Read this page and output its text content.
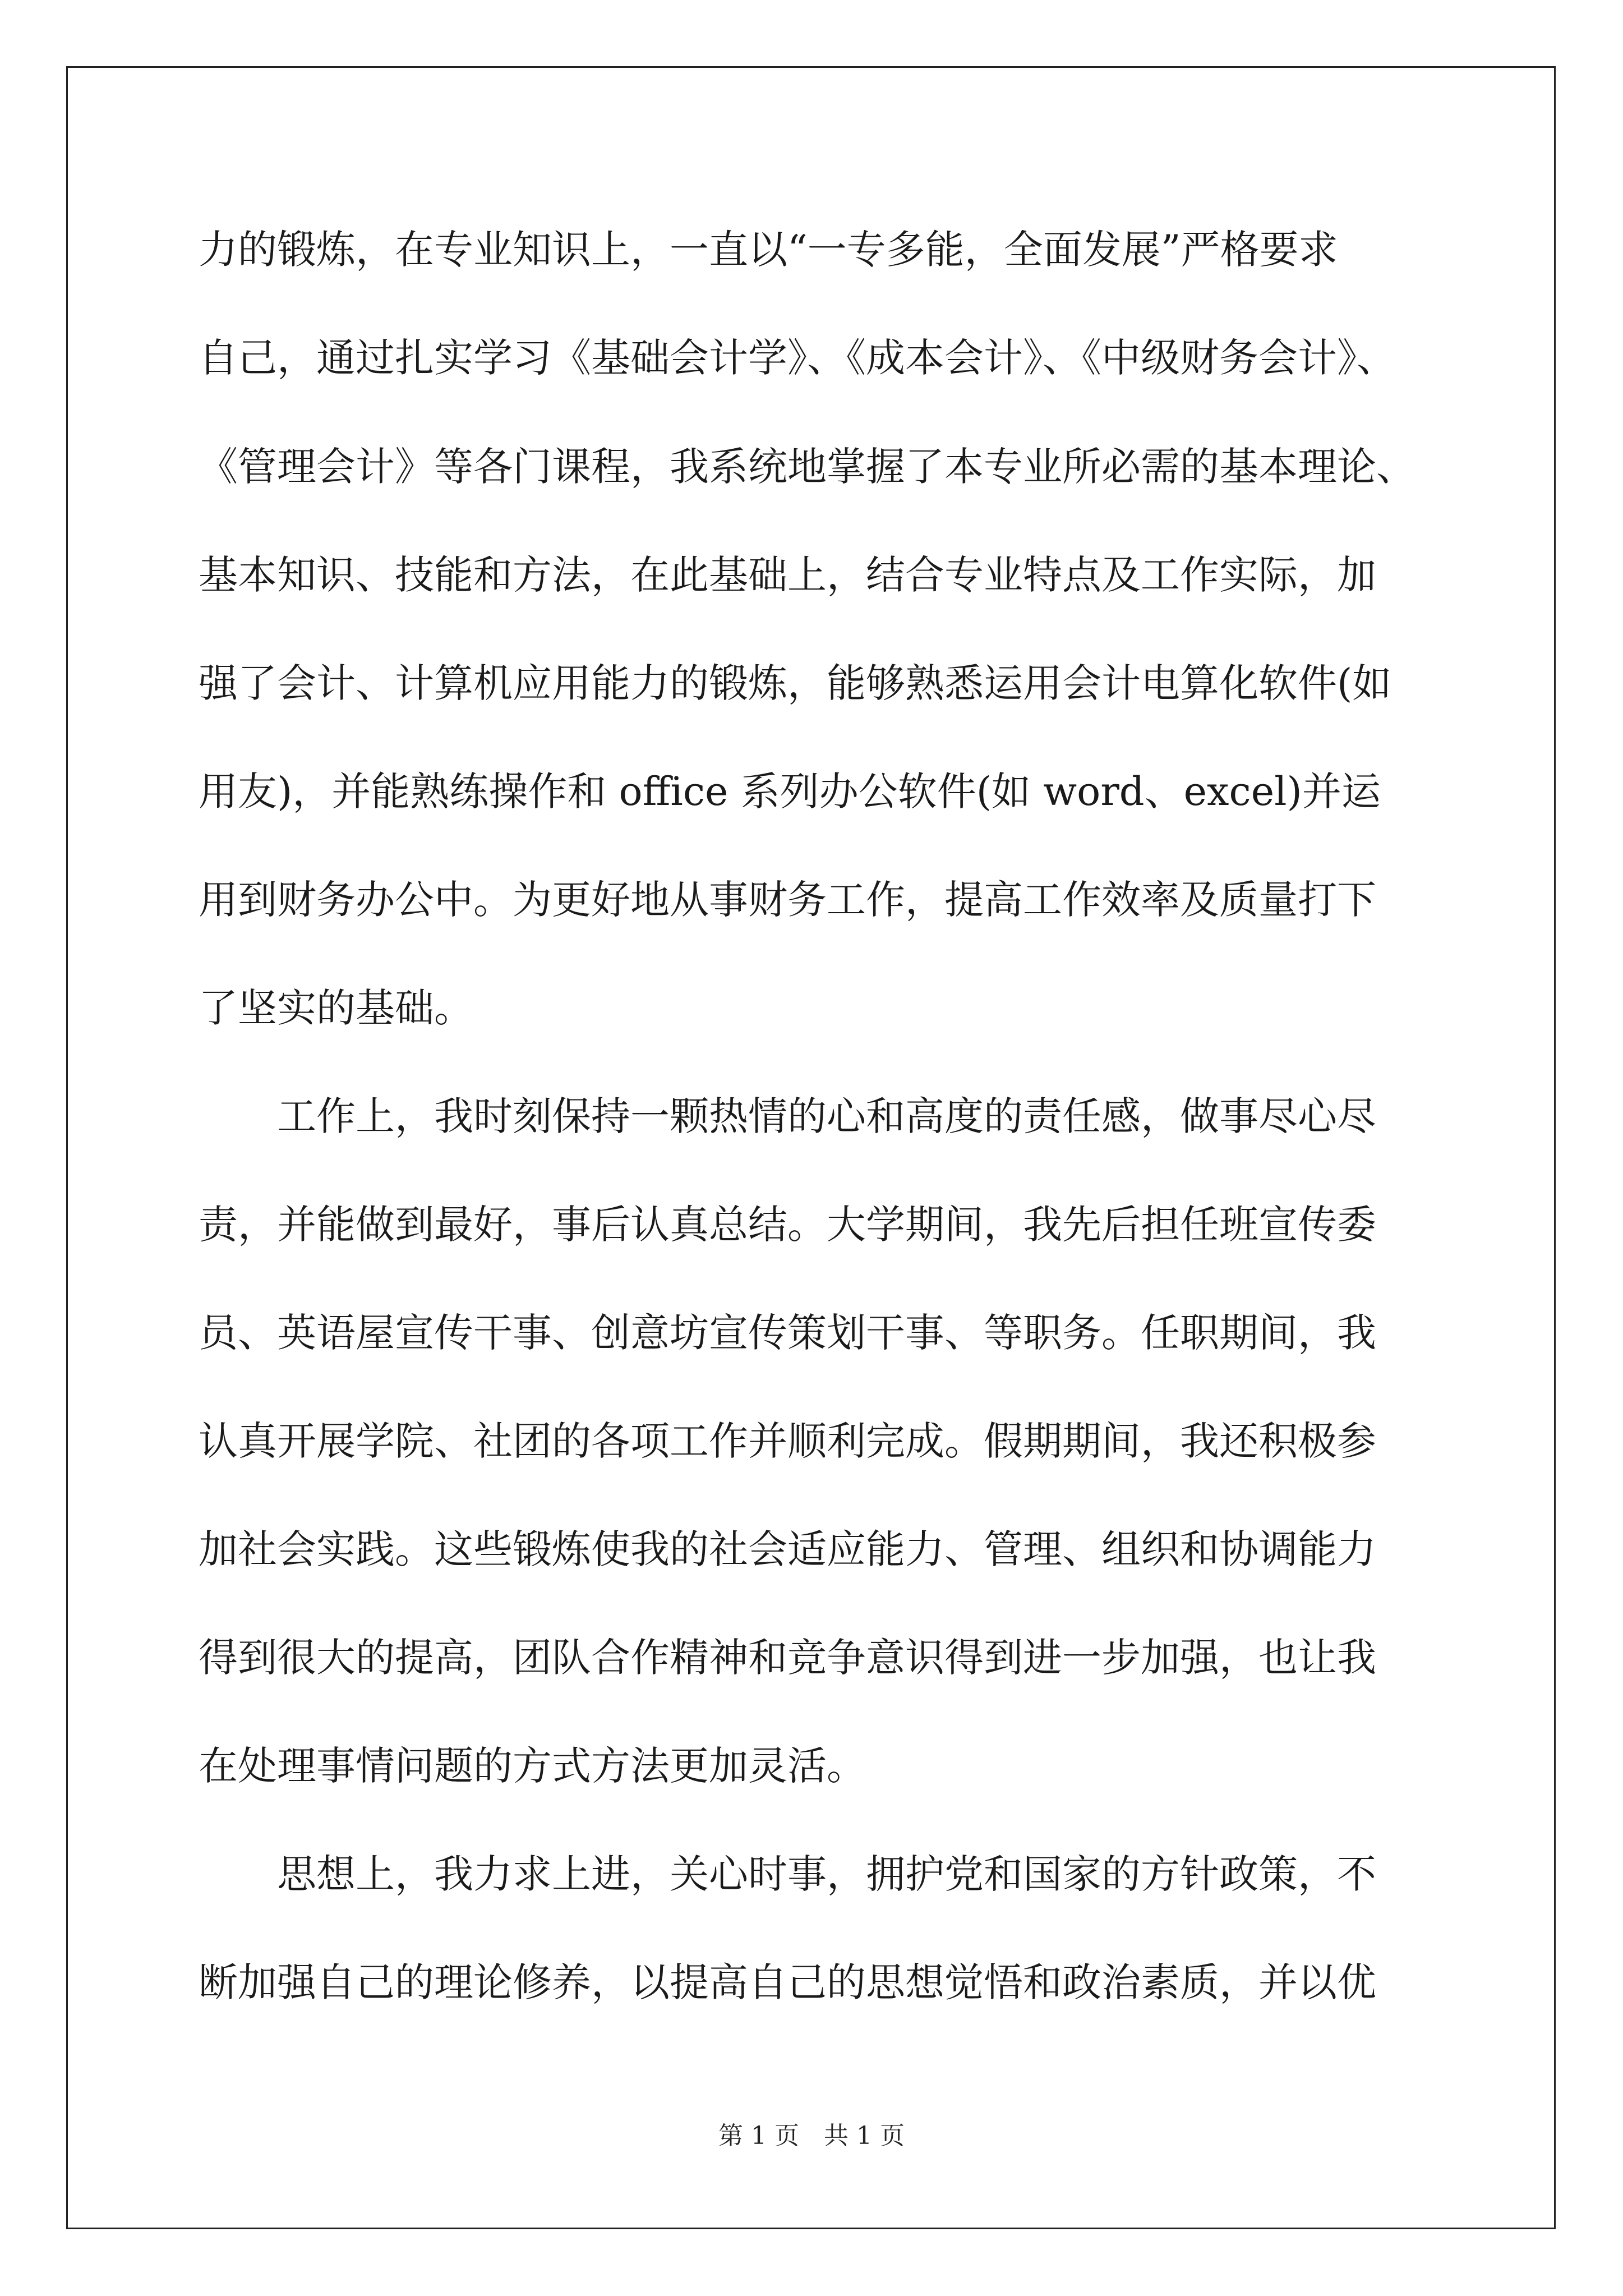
力的锻炼，在专业知识上，一直以“一专多能，全面发展”严格要求
自己，通过扎实学习《基础会计学》、《成本会计》、《中级财务会计》、
《管理会计》等各门课程，我系统地掌握了本专业所必需的基本理论、
基本知识、技能和方法，在此基础上，结合专业特点及工作实际，加
强了会计、计算机应用能力的锻炼，能够熟悉运用会计电算化软件(如
用友)，并能熟练操作和 office 系列办公软件(如 word、excel)并运
用到财务办公中。为更好地从事财务工作，提高工作效率及质量打下
了坚实的基础。
工作上，我时刻保持一颗热情的心和高度的责任感，做事尽心尽
责，并能做到最好，事后认真总结。大学期间，我先后担任班宣传委
员、英语屋宣传干事、创意坊宣传策划干事、等职务。任职期间，我
认真开展学院、社团的各项工作并顺利完成。假期期间，我还积极参
加社会实践。这些锻炼使我的社会适应能力、管理、组织和协调能力
得到很大的提高，团队合作精神和竞争意识得到进一步加强，也让我
在处理事情问题的方式方法更加灵活。
思想上，我力求上进，关心时事，拥护党和国家的方针政策，不
断加强自己的理论修养，以提高自己的思想觉悟和政治素质，并以优
第 1 页　共 1 页
